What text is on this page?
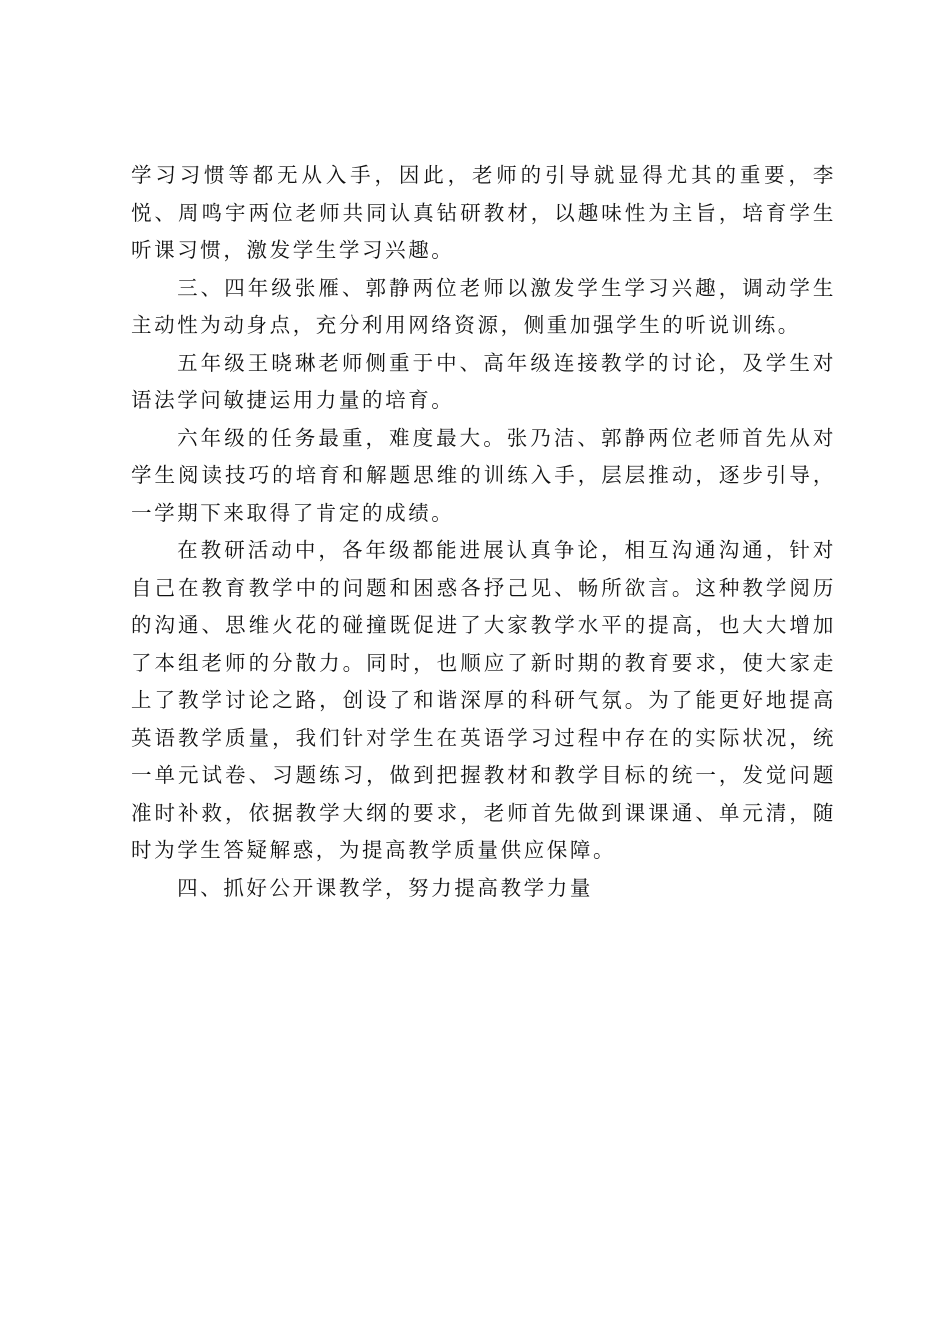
学习习惯等都无从入手，因此，老师的引导就显得尤其的重要，李悦、周鸣宇两位老师共同认真钻研教材，以趣味性为主旨，培育学生听课习惯，激发学生学习兴趣。

三、四年级张雁、郭静两位老师以激发学生学习兴趣，调动学生主动性为动身点，充分利用网络资源，侧重加强学生的听说训练。

五年级王晓琳老师侧重于中、高年级连接教学的讨论，及学生对语法学问敏捷运用力量的培育。

六年级的任务最重，难度最大。张乃洁、郭静两位老师首先从对学生阅读技巧的培育和解题思维的训练入手，层层推动，逐步引导，一学期下来取得了肯定的成绩。

在教研活动中，各年级都能进展认真争论，相互沟通沟通，针对自己在教育教学中的问题和困惑各抒己见、畅所欲言。这种教学阅历的沟通、思维火花的碰撞既促进了大家教学水平的提高，也大大增加了本组老师的分散力。同时，也顺应了新时期的教育要求，使大家走上了教学讨论之路，创设了和谐深厚的科研气氛。为了能更好地提高英语教学质量，我们针对学生在英语学习过程中存在的实际状况，统一单元试卷、习题练习，做到把握教材和教学目标的统一，发觉问题准时补救，依据教学大纲的要求，老师首先做到课课通、单元清，随时为学生答疑解惑，为提高教学质量供应保障。

四、抓好公开课教学，努力提高教学力量
